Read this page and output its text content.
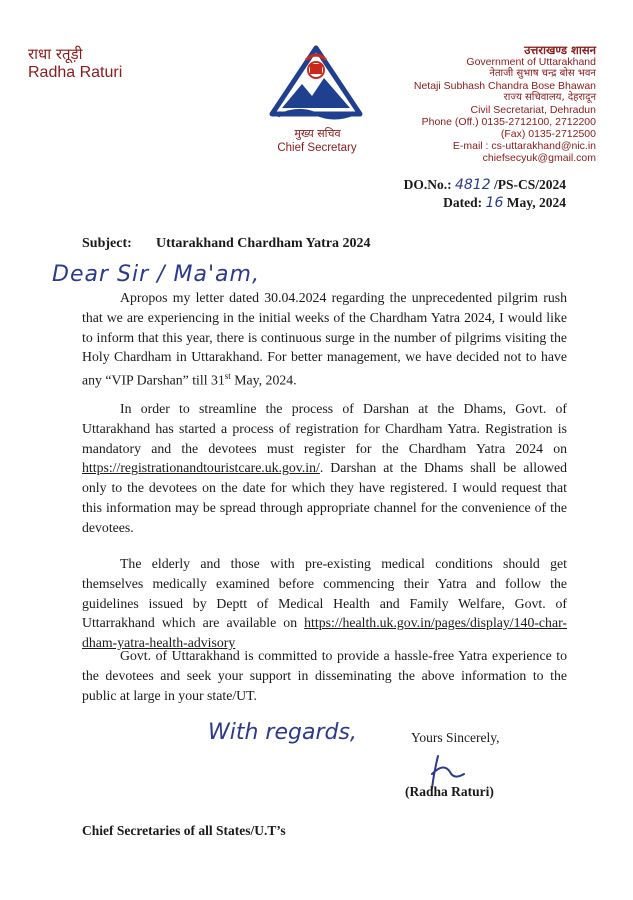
राधा रतूड़ी
Radha Raturi
मुख्य सचिव
Chief Secretary
उत्तराखण्ड शासन
Government of Uttarakhand
नेताजी सुभाष चन्द्र बोस भवन
Netaji Subhash Chandra Bose Bhawan
राज्य सचिवालय, देहरादून
Civil Secretariat, Dehradun
Phone (Off.) 0135-2712100, 2712200
(Fax) 0135-2712500
E-mail : cs-uttarakhand@nic.in
chiefsecyuk@gmail.com
DO.No.: 4812 /PS-CS/2024
Dated: 16 May, 2024
Subject: Uttarakhand Chardham Yatra 2024
Dear Sir / Ma'am,
Apropos my letter dated 30.04.2024 regarding the unprecedented pilgrim rush that we are experiencing in the initial weeks of the Chardham Yatra 2024, I would like to inform that this year, there is continuous surge in the number of pilgrims visiting the Holy Chardham in Uttarakhand. For better management, we have decided not to have any “VIP Darshan” till 31st May, 2024.
In order to streamline the process of Darshan at the Dhams, Govt. of Uttarakhand has started a process of registration for Chardham Yatra. Registration is mandatory and the devotees must register for the Chardham Yatra 2024 on https://registrationandtouristcare.uk.gov.in/. Darshan at the Dhams shall be allowed only to the devotees on the date for which they have registered. I would request that this information may be spread through appropriate channel for the convenience of the devotees.
The elderly and those with pre-existing medical conditions should get themselves medically examined before commencing their Yatra and follow the guidelines issued by Deptt of Medical Health and Family Welfare, Govt. of Uttarrakhand which are available on https://health.uk.gov.in/pages/display/140-char-dham-yatra-health-advisory
Govt. of Uttarakhand is committed to provide a hassle-free Yatra experience to the devotees and seek your support in disseminating the above information to the public at large in your state/UT.
With regards,	Yours Sincerely,
(Radha Raturi)
Chief Secretaries of all States/U.T’s
